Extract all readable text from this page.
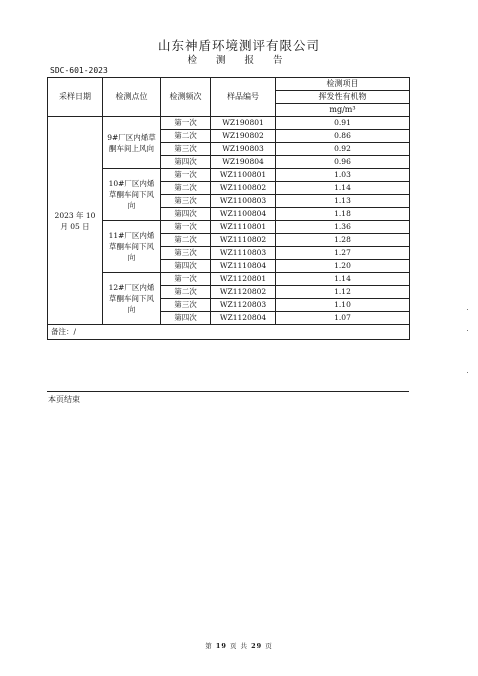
山东神盾环境测评有限公司
检 测 报 告
SDC-601-2023
采样日期	检测点位	检测频次	样品编号	检测项目
				挥发性有机物
				mg/m³
2023 年 10 月 05 日	9#厂区内烯草酮车间上风向	第一次	WZ190801	0.91
		第二次	WZ190802	0.86
		第三次	WZ190803	0.92
		第四次	WZ190804	0.96
	10#厂区内烯草酮车间下风向	第一次	WZ1100801	1.03
		第二次	WZ1100802	1.14
		第三次	WZ1100803	1.13
		第四次	WZ1100804	1.18
	11#厂区内烯草酮车间下风向	第一次	WZ1110801	1.36
		第二次	WZ1110802	1.28
		第三次	WZ1110803	1.27
		第四次	WZ1110804	1.20
	12#厂区内烯草酮车间下风向	第一次	WZ1120801	1.14
		第二次	WZ1120802	1.12
		第三次	WZ1120803	1.10
		第四次	WZ1120804	1.07
备注：/				
本页结束
第 19 页 共 29 页
